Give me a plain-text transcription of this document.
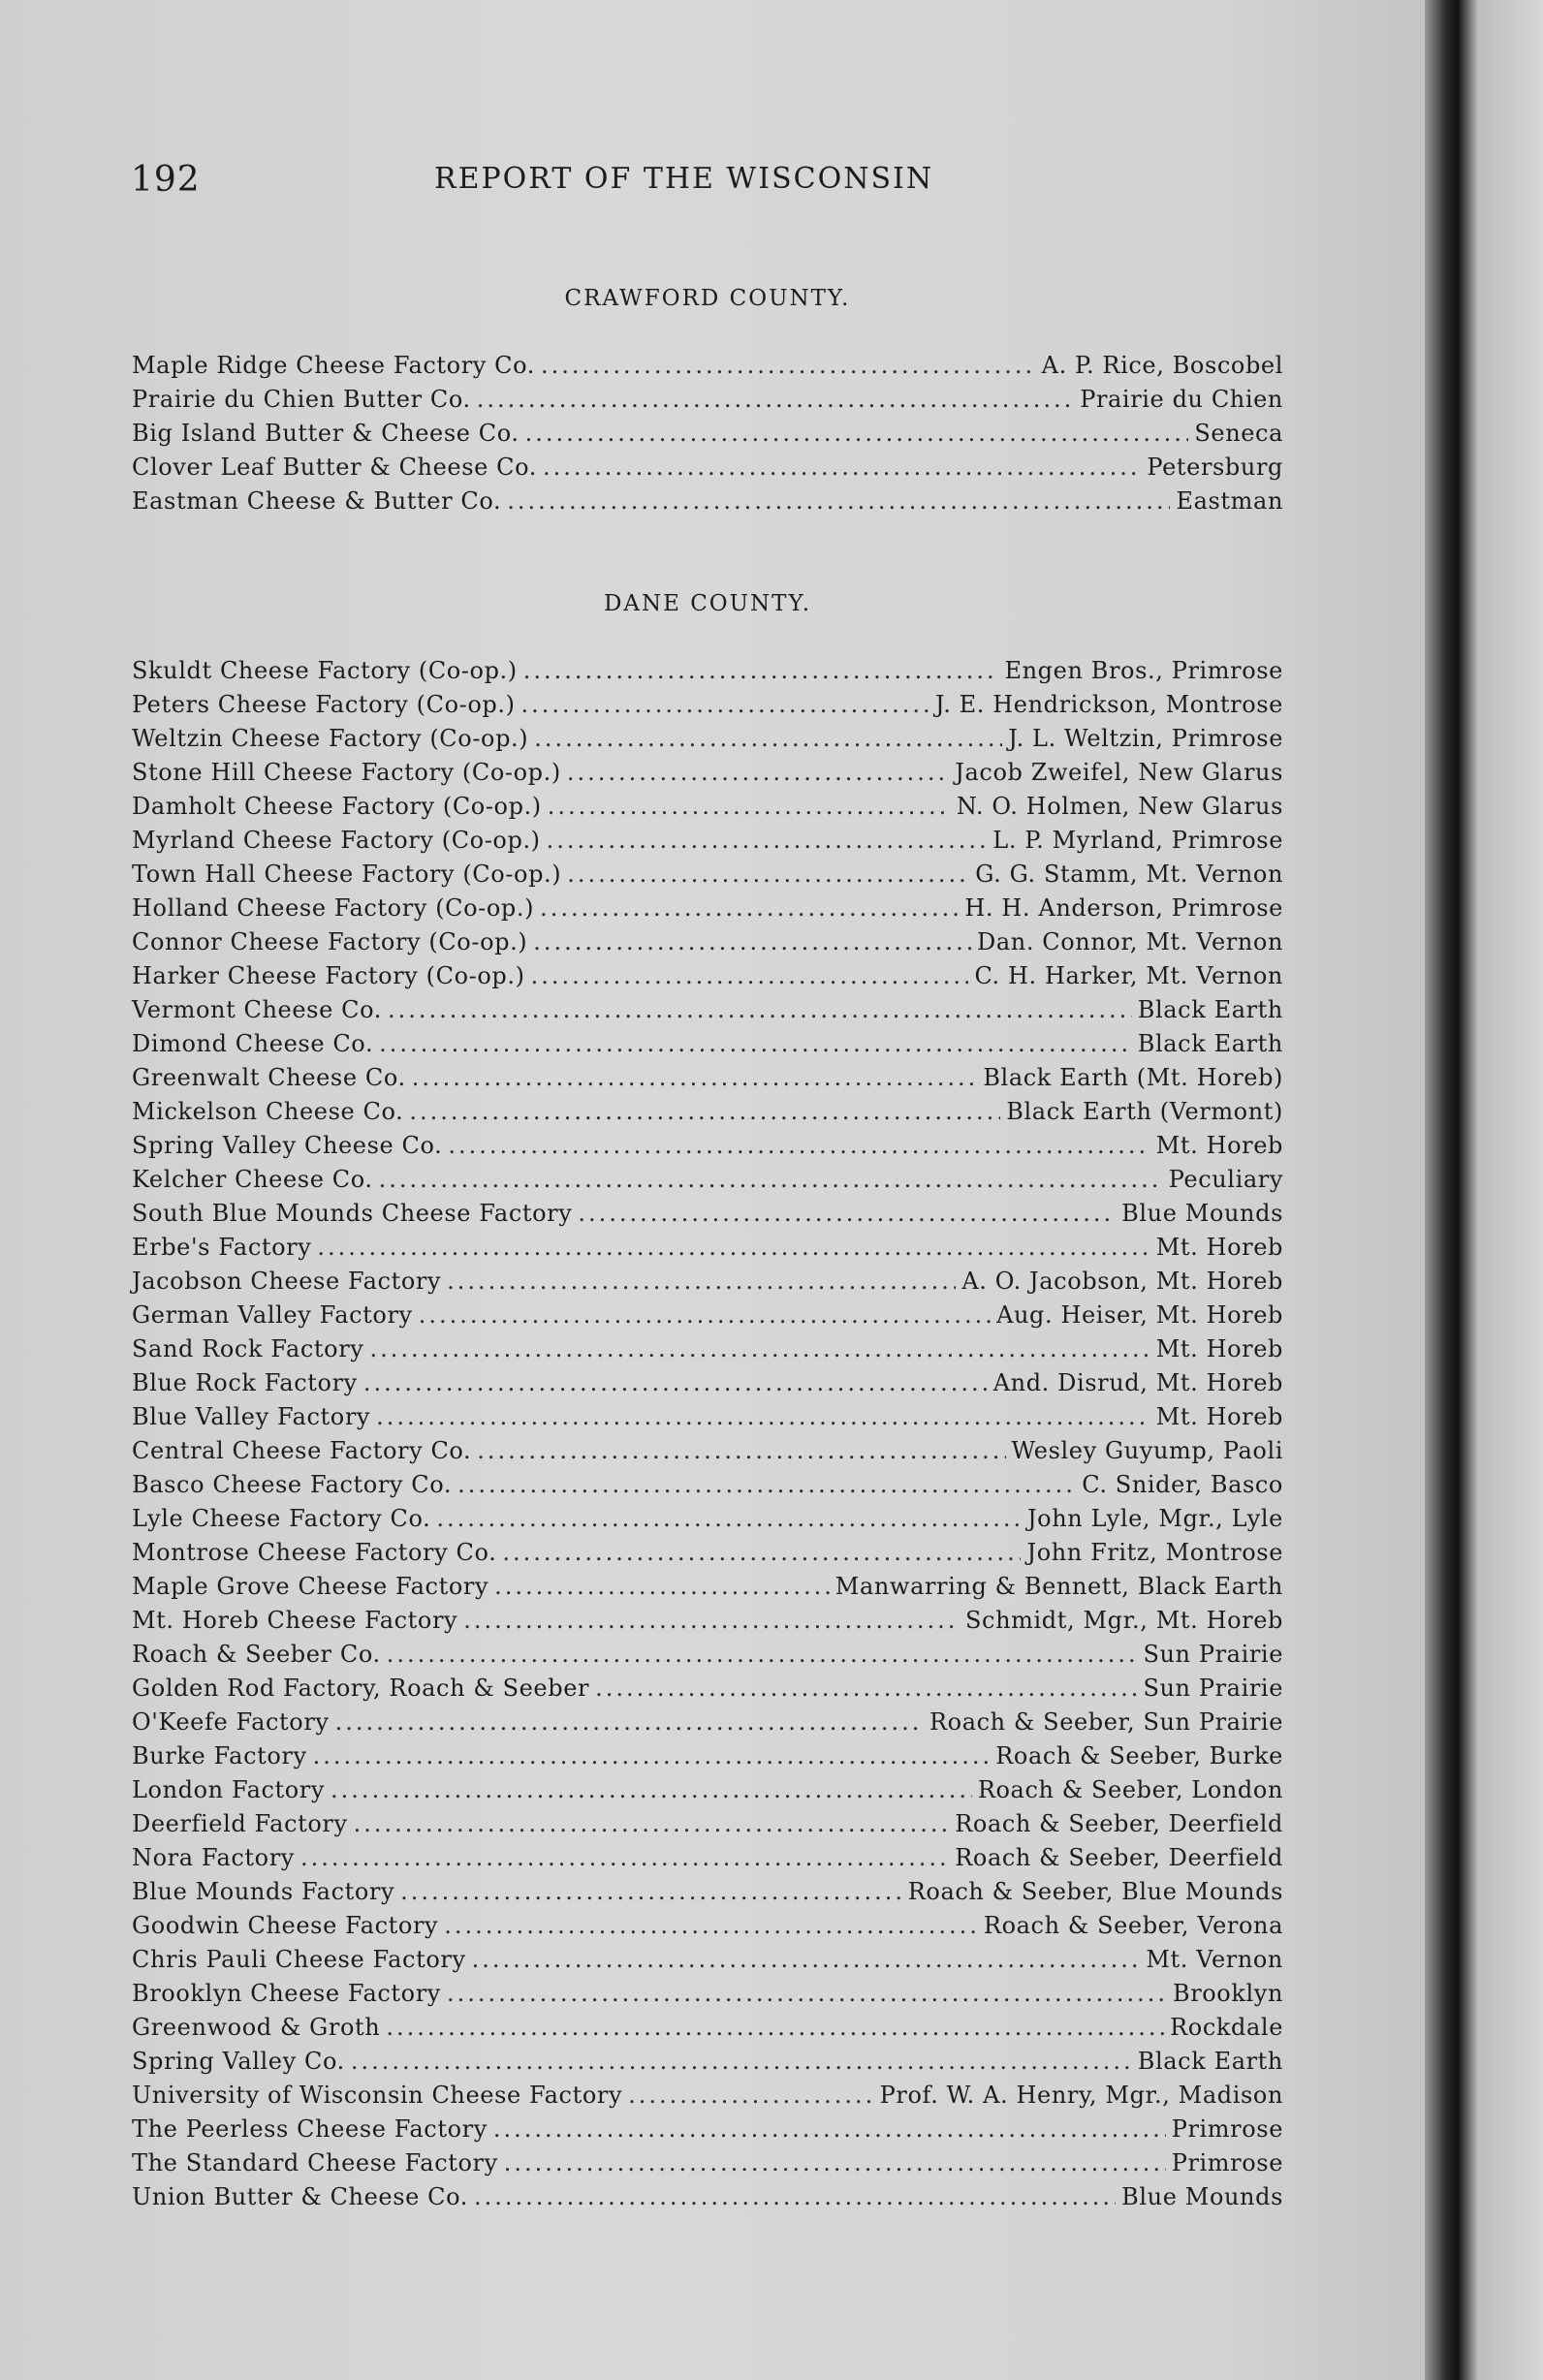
192	REPORT OF THE WISCONSIN
CRAWFORD COUNTY.
Maple Ridge Cheese Factory Co. .....	A. P. Rice, Boscobel
Prairie du Chien Butter Co. .....	Prairie du Chien
Big Island Butter & Cheese Co. .....	Seneca
Clover Leaf Butter & Cheese Co. .....	Petersburg
Eastman Cheese & Butter Co. .....	Eastman
DANE COUNTY.
Skuldt Cheese Factory (Co-op.) .....	Engen Bros., Primrose
Peters Cheese Factory (Co-op.) .....	J. E. Hendrickson, Montrose
Weltzin Cheese Factory (Co-op.) .....	J. L. Weltzin, Primrose
Stone Hill Cheese Factory (Co-op.) .....	Jacob Zweifel, New Glarus
Damholt Cheese Factory (Co-op.) .....	N. O. Holmen, New Glarus
Myrland Cheese Factory (Co-op.) .....	L. P. Myrland, Primrose
Town Hall Cheese Factory (Co-op.) .....	G. G. Stamm, Mt. Vernon
Holland Cheese Factory (Co-op.) .....	H. H. Anderson, Primrose
Connor Cheese Factory (Co-op.) .....	Dan. Connor, Mt. Vernon
Harker Cheese Factory (Co-op.) .....	C. H. Harker, Mt. Vernon
Vermont Cheese Co. .....	Black Earth
Dimond Cheese Co. .....	Black Earth
Greenwalt Cheese Co. .....	Black Earth (Mt. Horeb)
Mickelson Cheese Co. .....	Black Earth (Vermont)
Spring Valley Cheese Co. .....	Mt. Horeb
Kelcher Cheese Co. .....	Peculiary
South Blue Mounds Cheese Factory .....	Blue Mounds
Erbe's Factory .....	Mt. Horeb
Jacobson Cheese Factory .....	A. O. Jacobson, Mt. Horeb
German Valley Factory .....	Aug. Heiser, Mt. Horeb
Sand Rock Factory .....	Mt. Horeb
Blue Rock Factory .....	And. Disrud, Mt. Horeb
Blue Valley Factory .....	Mt. Horeb
Central Cheese Factory Co. .....	Wesley Guyump, Paoli
Basco Cheese Factory Co. .....	C. Snider, Basco
Lyle Cheese Factory Co. .....	John Lyle, Mgr., Lyle
Montrose Cheese Factory Co. .....	John Fritz, Montrose
Maple Grove Cheese Factory .....	Manwarring & Bennett, Black Earth
Mt. Horeb Cheese Factory .....	Schmidt, Mgr., Mt. Horeb
Roach & Seeber Co. .....	Sun Prairie
Golden Rod Factory, Roach & Seeber .....	Sun Prairie
O'Keefe Factory .....	Roach & Seeber, Sun Prairie
Burke Factory .....	Roach & Seeber, Burke
London Factory .....	Roach & Seeber, London
Deerfield Factory .....	Roach & Seeber, Deerfield
Nora Factory .....	Roach & Seeber, Deerfield
Blue Mounds Factory .....	Roach & Seeber, Blue Mounds
Goodwin Cheese Factory .....	Roach & Seeber, Verona
Chris Pauli Cheese Factory .....	Mt. Vernon
Brooklyn Cheese Factory .....	Brooklyn
Greenwood & Groth .....	Rockdale
Spring Valley Co. .....	Black Earth
University of Wisconsin Cheese Factory .....	Prof. W. A. Henry, Mgr., Madison
The Peerless Cheese Factory .....	Primrose
The Standard Cheese Factory .....	Primrose
Union Butter & Cheese Co. .....	Blue Mounds
